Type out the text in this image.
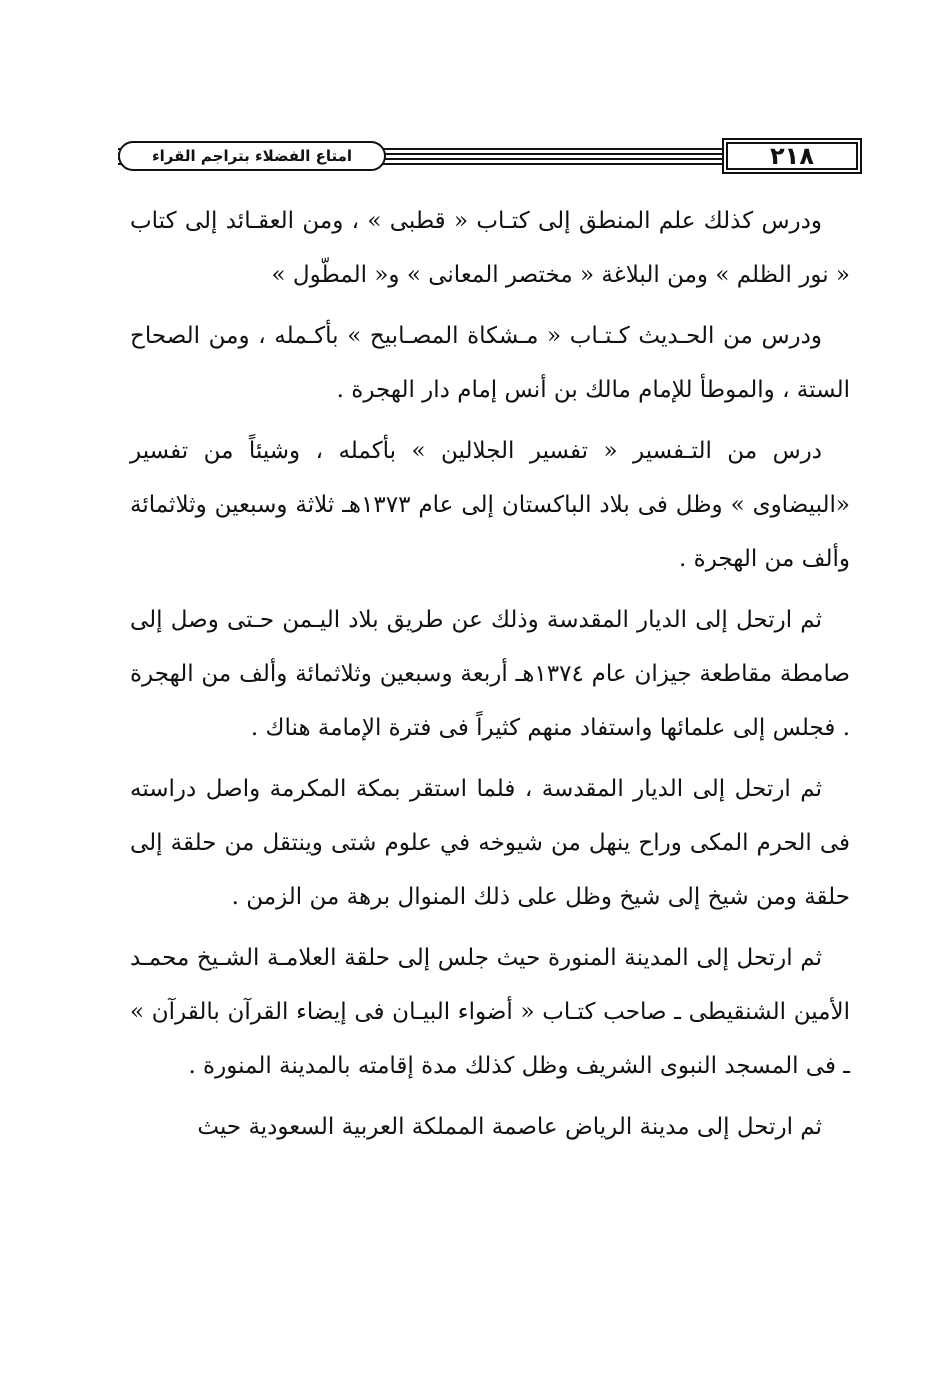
امتاع الفضلاء بتراجم القراء	٢١٨

ودرس كذلك علم المنطق إلى كتـاب « قطبى » ، ومن العقـائد إلى كتاب « نور الظلم » ومن البلاغة « مختصر المعانى » و« المطّول »

ودرس من الحـديث كـتـاب « مـشكاة المصـابيح » بأكـمله ، ومن الصحاح الستة ، والموطأ للإمام مالك بن أنس إمام دار الهجرة .

درس من التـفسير « تفسير الجلالين » بأكمله ، وشيئاً من تفسير «البيضاوى » وظل فى بلاد الباكستان إلى عام ١٣٧٣هـ ثلاثة وسبعين وثلاثمائة وألف من الهجرة .

ثم ارتحل إلى الديار المقدسة وذلك عن طريق بلاد اليـمن حـتى وصل إلى صامطة مقاطعة جيزان عام ١٣٧٤هـ أربعة وسبعين وثلاثمائة وألف من الهجرة . فجلس إلى علمائها واستفاد منهم كثيراً فى فترة الإمامة هناك .

ثم ارتحل إلى الديار المقدسة ، فلما استقر بمكة المكرمة واصل دراسته فى الحرم المكى وراح ينهل من شيوخه في علوم شتى وينتقل من حلقة إلى حلقة ومن شيخ إلى شيخ وظل على ذلك المنوال برهة من الزمن .

ثم ارتحل إلى المدينة المنورة حيث جلس إلى حلقة العلامـة الشـيخ محمـد الأمين الشنقيطى ـ صاحب كتـاب « أضواء البيـان فى إيضاء القرآن بالقرآن » ـ فى المسجد النبوى الشريف وظل كذلك مدة إقامته بالمدينة المنورة .

ثم ارتحل إلى مدينة الرياض عاصمة المملكة العربية السعودية حيث
